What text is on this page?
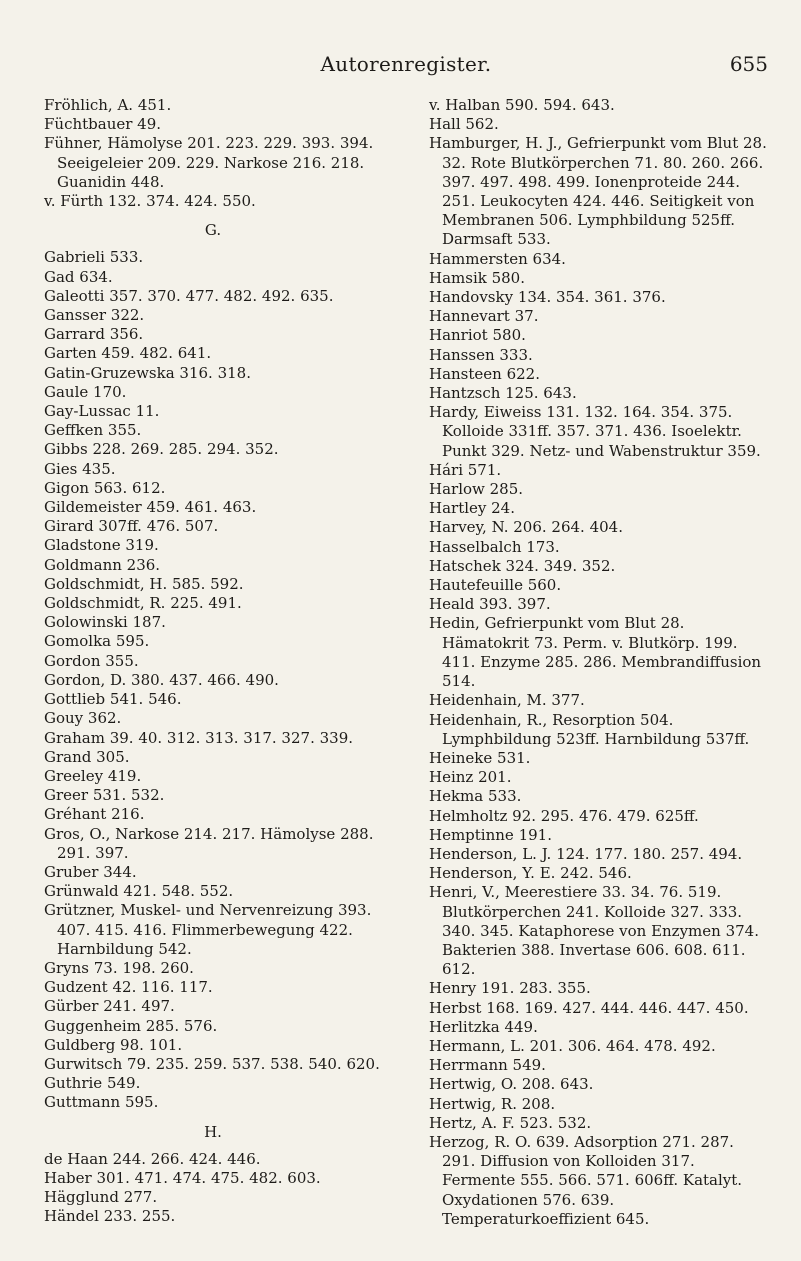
Autorenregister.	655

Fröhlich, A. 451.

Füchtbauer 49.

Fühner, Hämolyse 201. 223. 229. 393. 394. Seeigeleier 209. 229. Narkose 216. 218. Guanidin 448.

v. Fürth 132. 374. 424. 550.

G.

Gabrieli 533.

Gad 634.

Galeotti 357. 370. 477. 482. 492. 635.

Gansser 322.

Garrard 356.

Garten 459. 482. 641.

Gatin-Gruzewska 316. 318.

Gaule 170.

Gay-Lussac 11.

Geffken 355.

Gibbs 228. 269. 285. 294. 352.

Gies 435.

Gigon 563. 612.

Gildemeister 459. 461. 463.

Girard 307ff. 476. 507.

Gladstone 319.

Goldmann 236.

Goldschmidt, H. 585. 592.

Goldschmidt, R. 225. 491.

Golowinski 187.

Gomolka 595.

Gordon 355.

Gordon, D. 380. 437. 466. 490.

Gottlieb 541. 546.

Gouy 362.

Graham 39. 40. 312. 313. 317. 327. 339.

Grand 305.

Greeley 419.

Greer 531. 532.

Gréhant 216.

Gros, O., Narkose 214. 217. Hämolyse 288. 291. 397.

Gruber 344.

Grünwald 421. 548. 552.

Grützner, Muskel- und Nervenreizung 393. 407. 415. 416. Flimmerbewegung 422. Harnbildung 542.

Gryns 73. 198. 260.

Gudzent 42. 116. 117.

Gürber 241. 497.

Guggenheim 285. 576.

Guldberg 98. 101.

Gurwitsch 79. 235. 259. 537. 538. 540. 620.

Guthrie 549.

Guttmann 595.

H.

de Haan 244. 266. 424. 446.

Haber 301. 471. 474. 475. 482. 603.

Hägglund 277.

Händel 233. 255.

v. Halban 590. 594. 643.

Hall 562.

Hamburger, H. J., Gefrierpunkt vom Blut 28. 32. Rote Blutkörperchen 71. 80. 260. 266. 397. 497. 498. 499. Ionenproteide 244. 251. Leukocyten 424. 446. Seitigkeit von Membranen 506. Lymphbildung 525ff. Darmsaft 533.

Hammersten 634.

Hamsik 580.

Handovsky 134. 354. 361. 376.

Hannevart 37.

Hanriot 580.

Hanssen 333.

Hansteen 622.

Hantzsch 125. 643.

Hardy, Eiweiss 131. 132. 164. 354. 375. Kolloide 331ff. 357. 371. 436. Isoelektr. Punkt 329. Netz- und Wabenstruktur 359.

Hári 571.

Harlow 285.

Hartley 24.

Harvey, N. 206. 264. 404.

Hasselbalch 173.

Hatschek 324. 349. 352.

Hautefeuille 560.

Heald 393. 397.

Hedin, Gefrierpunkt vom Blut 28. Hämatokrit 73. Perm. v. Blutkörp. 199. 411. Enzyme 285. 286. Membrandiffusion 514.

Heidenhain, M. 377.

Heidenhain, R., Resorption 504. Lymphbildung 523ff. Harnbildung 537ff.

Heineke 531.

Heinz 201.

Hekma 533.

Helmholtz 92. 295. 476. 479. 625ff.

Hemptinne 191.

Henderson, L. J. 124. 177. 180. 257. 494.

Henderson, Y. E. 242. 546.

Henri, V., Meerestiere 33. 34. 76. 519. Blutkörperchen 241. Kolloide 327. 333. 340. 345. Kataphorese von Enzymen 374. Bakterien 388. Invertase 606. 608. 611. 612.

Henry 191. 283. 355.

Herbst 168. 169. 427. 444. 446. 447. 450.

Herlitzka 449.

Hermann, L. 201. 306. 464. 478. 492.

Herrmann 549.

Hertwig, O. 208. 643.

Hertwig, R. 208.

Hertz, A. F. 523. 532.

Herzog, R. O. 639. Adsorption 271. 287. 291. Diffusion von Kolloiden 317. Fermente 555. 566. 571. 606ff. Katalyt. Oxydationen 576. 639. Temperaturkoeffizient 645.
